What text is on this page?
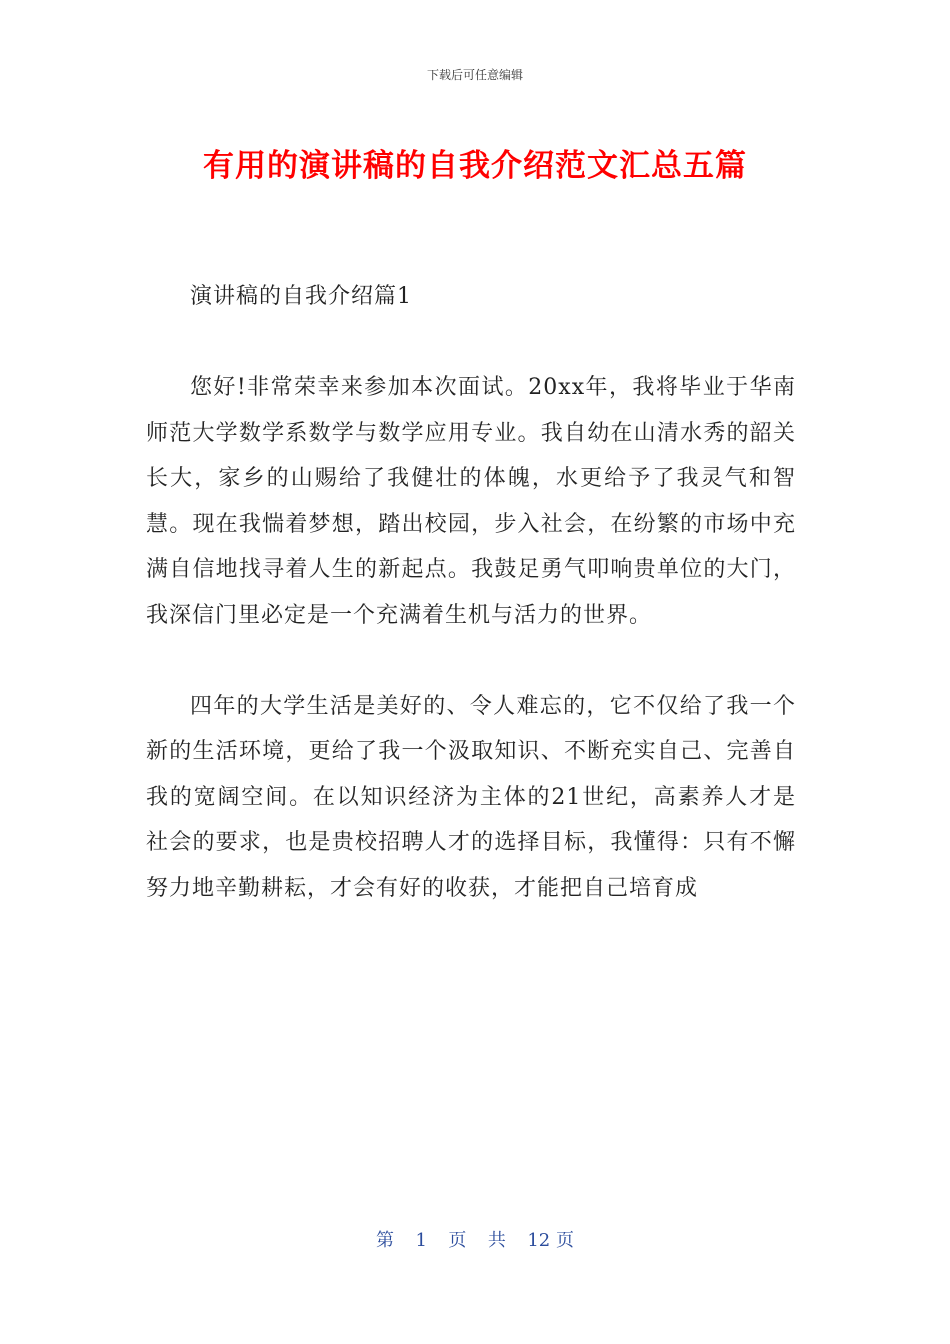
下载后可任意编辑
有用的演讲稿的自我介绍范文汇总五篇

演讲稿的自我介绍篇1

您好!非常荣幸来参加本次面试。20xx年，我将毕业于华南师范大学数学系数学与数学应用专业。我自幼在山清水秀的韶关长大，家乡的山赐给了我健壮的体魄，水更给予了我灵气和智慧。现在我惴着梦想，踏出校园，步入社会，在纷繁的市场中充满自信地找寻着人生的新起点。我鼓足勇气叩响贵单位的大门，我深信门里必定是一个充满着生机与活力的世界。

四年的大学生活是美好的、令人难忘的，它不仅给了我一个新的生活环境，更给了我一个汲取知识、不断充实自己、完善自我的宽阔空间。在以知识经济为主体的21世纪，高素养人才是社会的要求，也是贵校招聘人才的选择目标，我懂得：只有不懈努力地辛勤耕耘，才会有好的收获，才能把自己培育成

第 1 页 共 12 页
